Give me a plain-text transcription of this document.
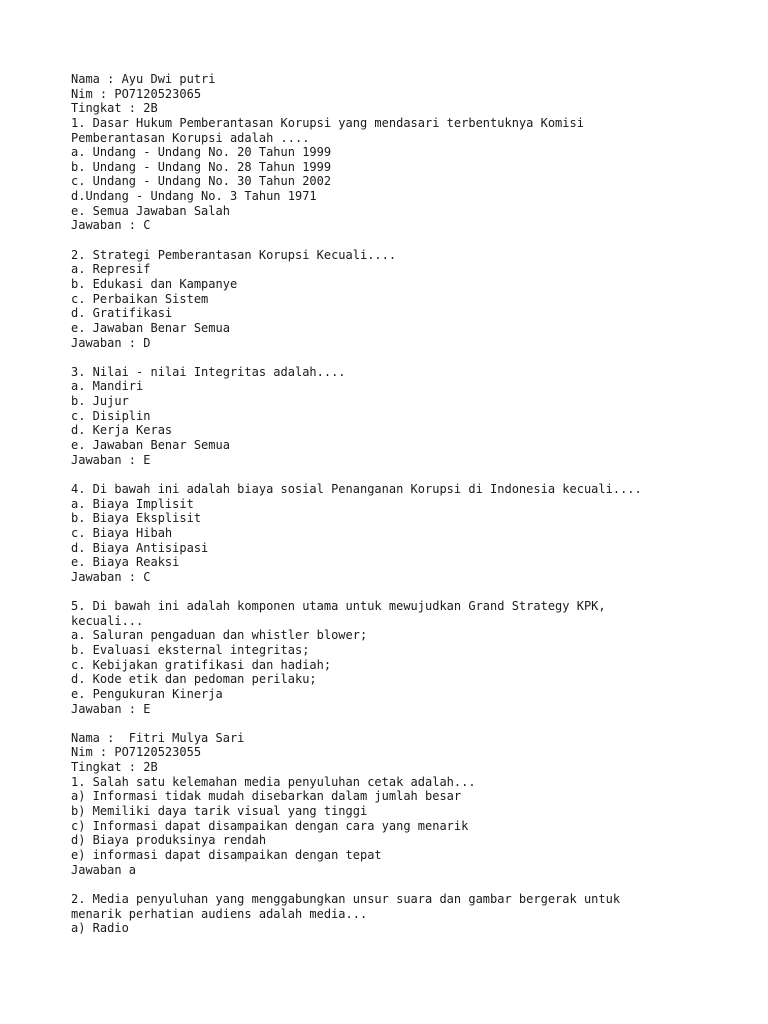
Nama : Ayu Dwi putri
Nim : PO7120523065
Tingkat : 2B
1. Dasar Hukum Pemberantasan Korupsi yang mendasari terbentuknya Komisi
Pemberantasan Korupsi adalah ....
a. Undang - Undang No. 20 Tahun 1999
b. Undang - Undang No. 28 Tahun 1999
c. Undang - Undang No. 30 Tahun 2002
d.Undang - Undang No. 3 Tahun 1971
e. Semua Jawaban Salah
Jawaban : C
2. Strategi Pemberantasan Korupsi Kecuali....
a. Represif
b. Edukasi dan Kampanye
c. Perbaikan Sistem
d. Gratifikasi
e. Jawaban Benar Semua
Jawaban : D
3. Nilai - nilai Integritas adalah....
a. Mandiri
b. Jujur
c. Disiplin
d. Kerja Keras
e. Jawaban Benar Semua
Jawaban : E
4. Di bawah ini adalah biaya sosial Penanganan Korupsi di Indonesia kecuali....
a. Biaya Implisit
b. Biaya Eksplisit
c. Biaya Hibah
d. Biaya Antisipasi
e. Biaya Reaksi
Jawaban : C
5. Di bawah ini adalah komponen utama untuk mewujudkan Grand Strategy KPK,
kecuali...
a. Saluran pengaduan dan whistler blower;
b. Evaluasi eksternal integritas;
c. Kebijakan gratifikasi dan hadiah;
d. Kode etik dan pedoman perilaku;
e. Pengukuran Kinerja
Jawaban : E
Nama :  Fitri Mulya Sari
Nim : PO7120523055
Tingkat : 2B
1. Salah satu kelemahan media penyuluhan cetak adalah...
a) Informasi tidak mudah disebarkan dalam jumlah besar
b) Memiliki daya tarik visual yang tinggi
c) Informasi dapat disampaikan dengan cara yang menarik
d) Biaya produksinya rendah
e) informasi dapat disampaikan dengan tepat
Jawaban a
2. Media penyuluhan yang menggabungkan unsur suara dan gambar bergerak untuk
menarik perhatian audiens adalah media...
a) Radio
